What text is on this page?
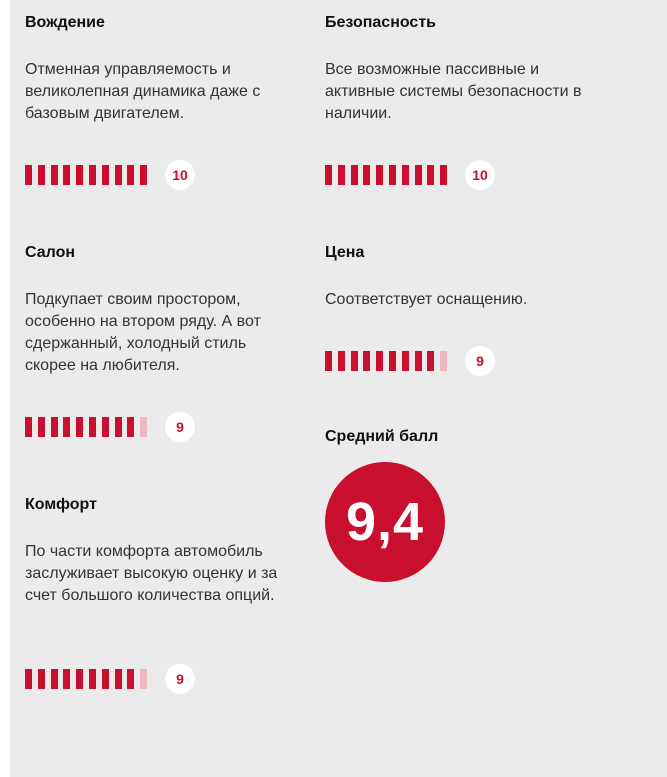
Вождение
Отменная управляемость и великолепная динамика даже с базовым двигателем.
10
Салон
Подкупает своим простором, особенно на втором ряду. А вот сдержанный, холодный стиль скорее на любителя.
9
Комфорт
По части комфорта автомобиль заслуживает высокую оценку и за счет большого количества опций.
9
Безопасность
Все возможные пассивные и активные системы безопасности в наличии.
10
Цена
Соответствует оснащению.
9
Средний балл
9,4
